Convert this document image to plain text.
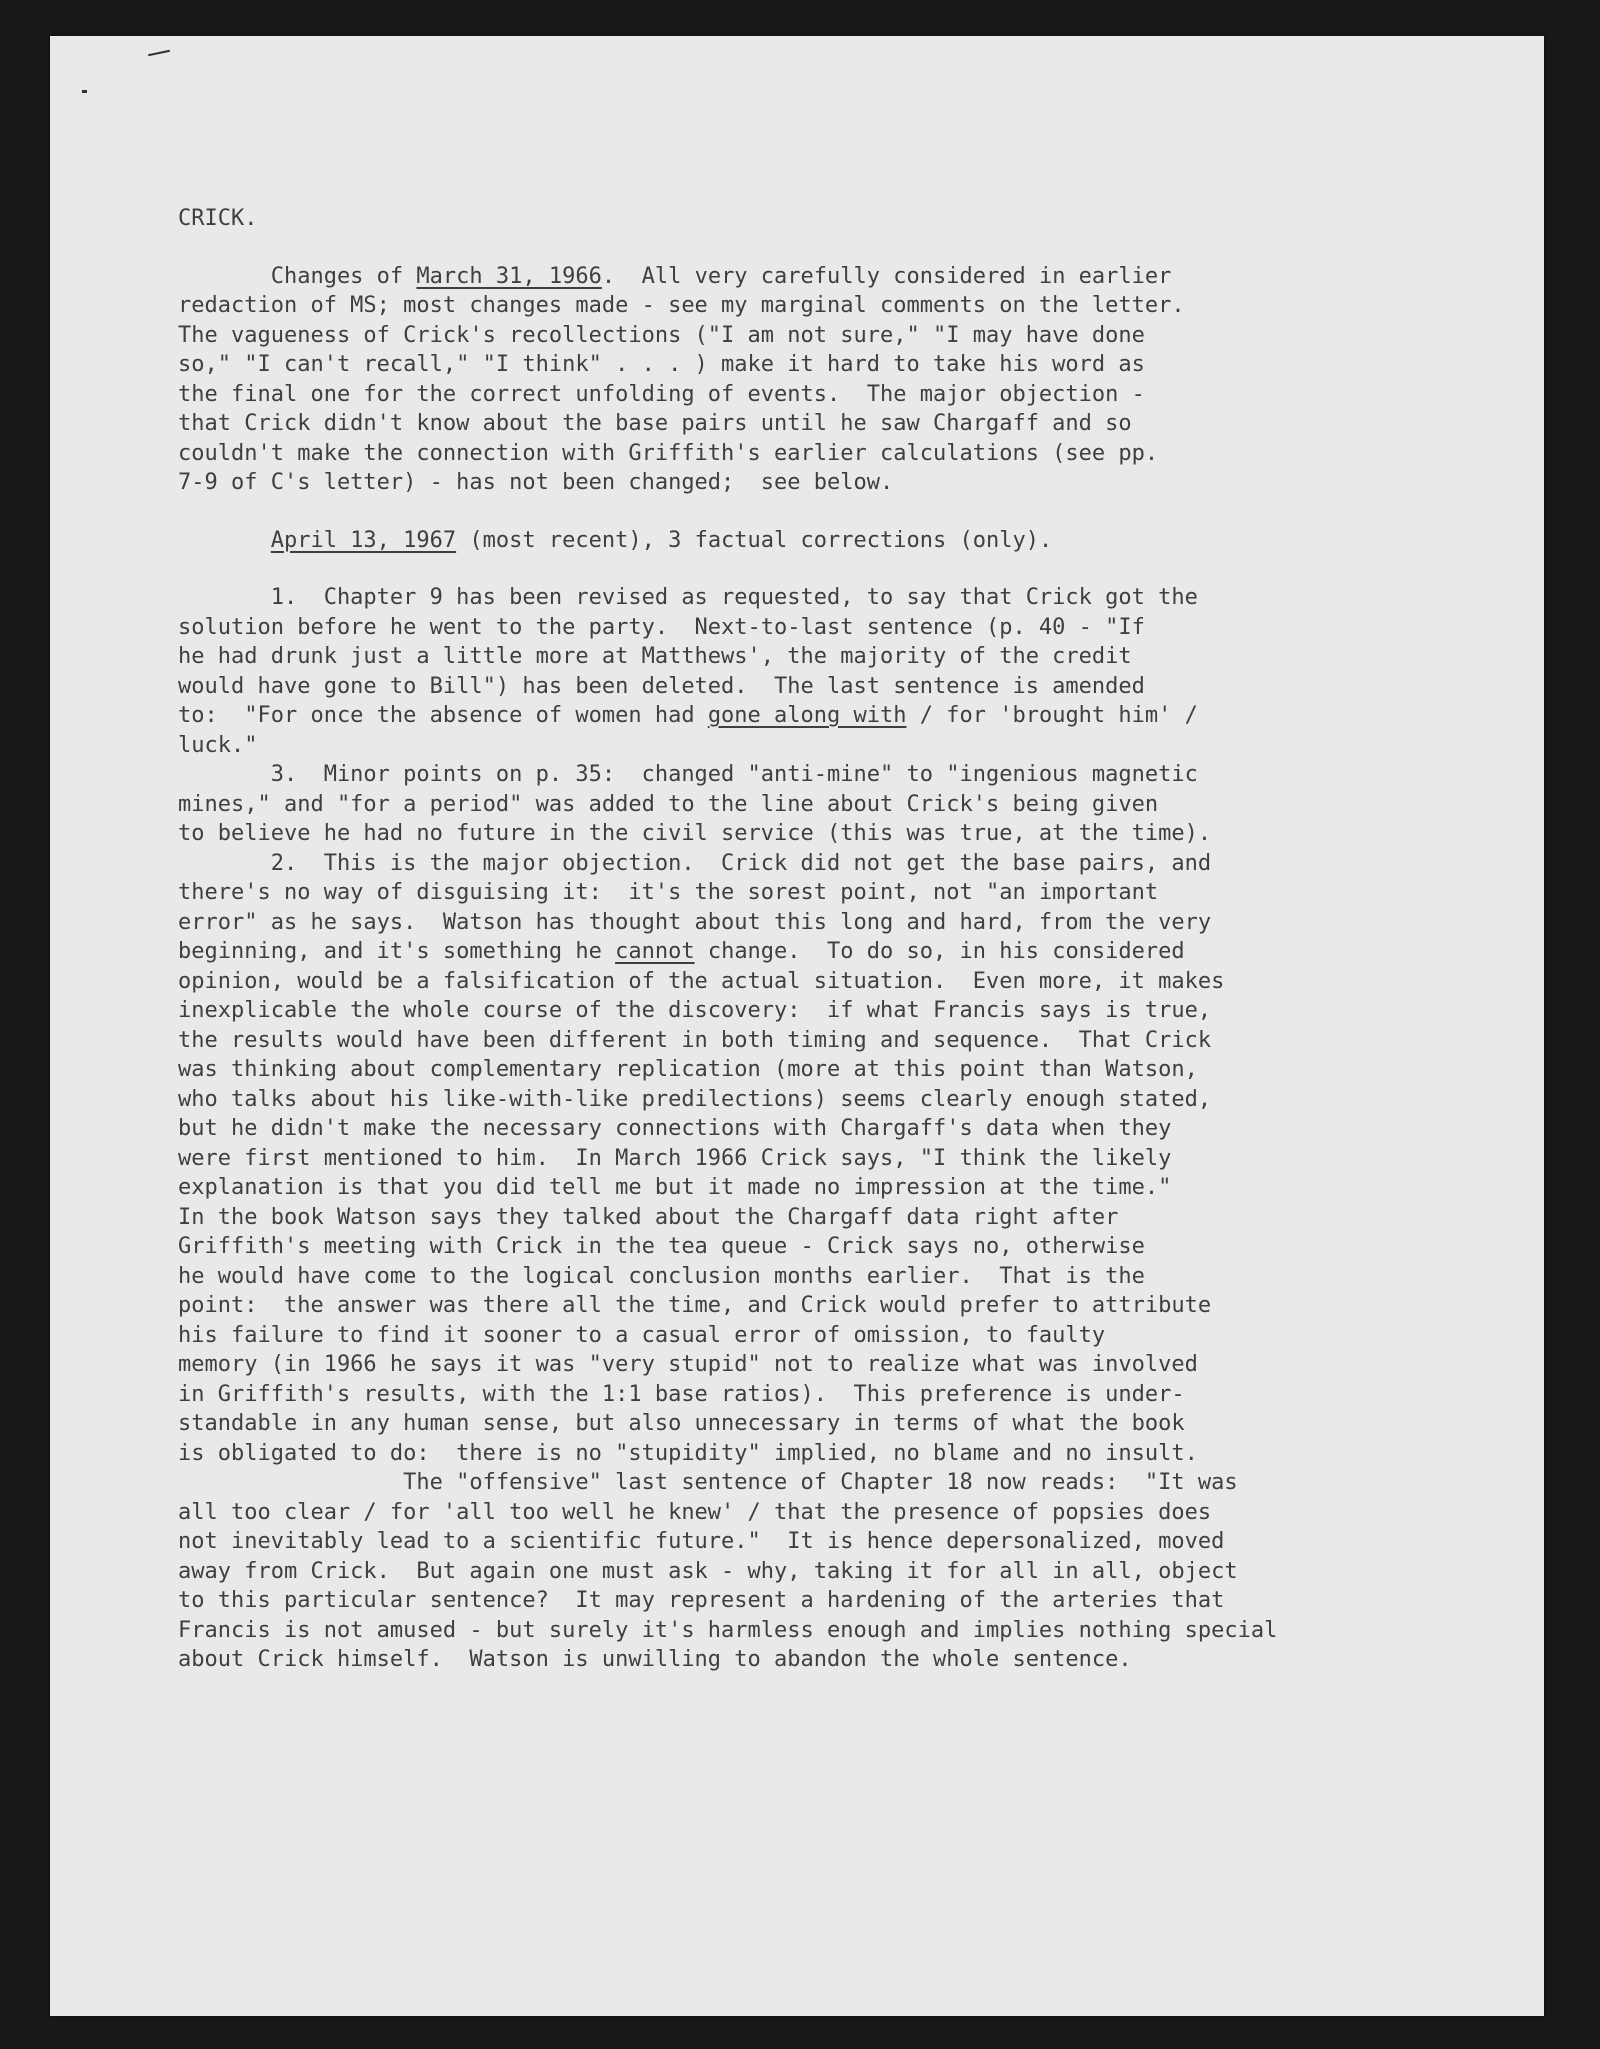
CRICK.
Changes of March 31, 1966.  All very carefully considered in earlier
redaction of MS; most changes made - see my marginal comments on the letter.
The vagueness of Crick's recollections ("I am not sure," "I may have done
so," "I can't recall," "I think" . . . ) make it hard to take his word as
the final one for the correct unfolding of events.  The major objection -
that Crick didn't know about the base pairs until he saw Chargaff and so
couldn't make the connection with Griffith's earlier calculations (see pp.
7-9 of C's letter) - has not been changed;  see below.
April 13, 1967 (most recent), 3 factual corrections (only).
1.  Chapter 9 has been revised as requested, to say that Crick got the
solution before he went to the party.  Next-to-last sentence (p. 40 - "If
he had drunk just a little more at Matthews', the majority of the credit
would have gone to Bill") has been deleted.  The last sentence is amended
to:  "For once the absence of women had gone along with / for 'brought him' /
luck."
3.  Minor points on p. 35:  changed "anti-mine" to "ingenious magnetic
mines," and "for a period" was added to the line about Crick's being given
to believe he had no future in the civil service (this was true, at the time).
2.  This is the major objection.  Crick did not get the base pairs, and
there's no way of disguising it:  it's the sorest point, not "an important
error" as he says.  Watson has thought about this long and hard, from the very
beginning, and it's something he cannot change.  To do so, in his considered
opinion, would be a falsification of the actual situation.  Even more, it makes
inexplicable the whole course of the discovery:  if what Francis says is true,
the results would have been different in both timing and sequence.  That Crick
was thinking about complementary replication (more at this point than Watson,
who talks about his like-with-like predilections) seems clearly enough stated,
but he didn't make the necessary connections with Chargaff's data when they
were first mentioned to him.  In March 1966 Crick says, "I think the likely
explanation is that you did tell me but it made no impression at the time."
In the book Watson says they talked about the Chargaff data right after
Griffith's meeting with Crick in the tea queue - Crick says no, otherwise
he would have come to the logical conclusion months earlier.  That is the
point:  the answer was there all the time, and Crick would prefer to attribute
his failure to find it sooner to a casual error of omission, to faulty
memory (in 1966 he says it was "very stupid" not to realize what was involved
in Griffith's results, with the 1:1 base ratios).  This preference is under-
standable in any human sense, but also unnecessary in terms of what the book
is obligated to do:  there is no "stupidity" implied, no blame and no insult.
The "offensive" last sentence of Chapter 18 now reads:  "It was
all too clear / for 'all too well he knew' / that the presence of popsies does
not inevitably lead to a scientific future."  It is hence depersonalized, moved
away from Crick.  But again one must ask - why, taking it for all in all, object
to this particular sentence?  It may represent a hardening of the arteries that
Francis is not amused - but surely it's harmless enough and implies nothing special
about Crick himself.  Watson is unwilling to abandon the whole sentence.
